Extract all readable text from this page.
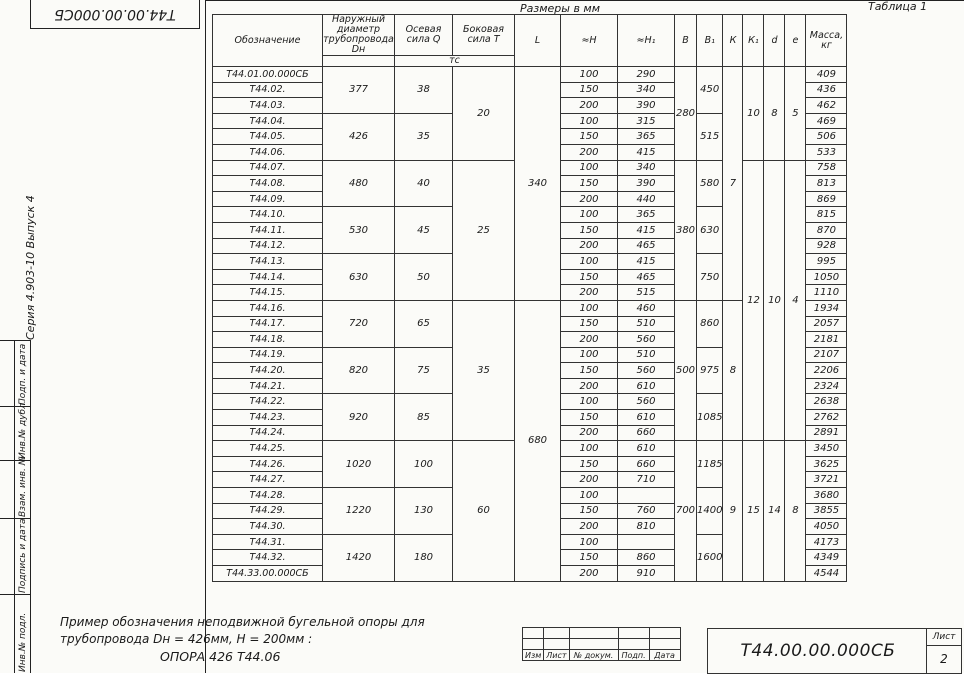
Т44.00.00.000СБ
Серия 4.903-10 Выпуск 4
Подп. и дата
Инв.№ дубл.
Взам. инв. №
Подпись и дата
Инв.№ подл.
Размеры в мм	Таблица 1
Обозначение	Наружный диаметр трубопровода Dн	Осевая сила Q	Боковая сила Т	L	≈Н	≈Н₁	В	В₁	К	К₁	d	е	Масса, кг
		тс											
Т44.01.00.000СБ	377	38	20	340	100	290	280	450	7	10	8	5	409
Т44.02.					150	340							436
Т44.03.					200	390							462
Т44.04.	426	35			100	315		515					469
Т44.05.					150	365							506
Т44.06.					200	415							533
Т44.07.	480	40	25		100	340	380	580		12	10	4	758
Т44.08.					150	390							813
Т44.09.					200	440							869
Т44.10.	530	45			100	365		630					815
Т44.11.					150	415							870
Т44.12.					200	465							928
Т44.13.	630	50			100	415		750					995
Т44.14.					150	465							1050
Т44.15.					200	515							1110
Т44.16.	720	65	35	680	100	460	500	860	8				1934
Т44.17.					150	510							2057
Т44.18.					200	560							2181
Т44.19.	820	75			100	510		975					2107
Т44.20.					150	560							2206
Т44.21.					200	610							2324
Т44.22.	920	85			100	560		1085					2638
Т44.23.					150	610							2762
Т44.24.					200	660							2891
Т44.25.	1020	100	60		100	610	700	1185	9	15	14	8	3450
Т44.26.					150	660							3625
Т44.27.					200	710							3721
Т44.28.	1220	130			100			1400					3680
Т44.29.					150	760							3855
Т44.30.					200	810							4050
Т44.31.	1420	180			100			1600					4173
Т44.32.					150	860							4349
Т44.33.00.000СБ					200	910							4544
Пример обозначения неподвижной бугельной опоры для
трубопровода Dн = 426мм, Н = 200мм :
ОПОРА 426 Т44.06

					Изм	Лист	№ докум.	Подп.	Дата	Т44.00.00.000СБ
Лист
2
